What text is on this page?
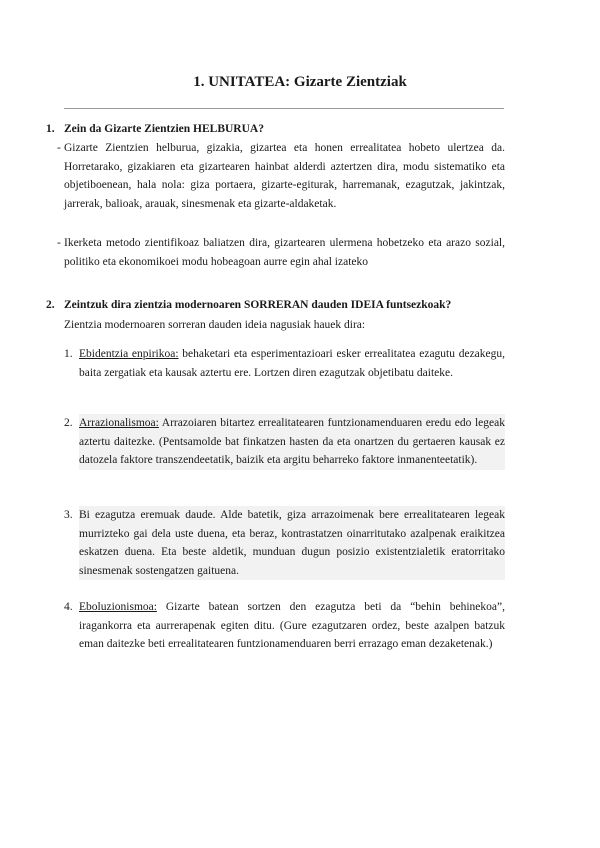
1. UNITATEA: Gizarte Zientziak
1. Zein da Gizarte Zientzien HELBURUA?
- Gizarte Zientzien helburua, gizakia, gizartea eta honen errealitatea hobeto ulertzea da. Horretarako, gizakiaren eta gizartearen hainbat alderdi aztertzen dira, modu sistematiko eta objetiboenean, hala nola: giza portaera, gizarte-egiturak, harremanak, ezagutzak, jakintzak, jarrerak, balioak, arauak, sinesmenak eta gizarte-aldaketak.
- Ikerketa metodo zientifikoaz baliatzen dira, gizartearen ulermena hobetzeko eta arazo sozial, politiko eta ekonomikoei modu hobeagoan aurre egin ahal izateko
2. Zeintzuk dira zientzia modernoaren SORRERAN dauden IDEIA funtsezkoak?
Zientzia modernoaren sorreran dauden ideia nagusiak hauek dira:
1. Ebidentzia enpirikoa: behaketari eta esperimentazioari esker errealitatea ezagutu dezakegu, baita zergatiak eta kausak aztertu ere. Lortzen diren ezagutzak objetibatu daiteke.
2. Arrazionalismoa: Arrazoiaren bitartez errealitatearen funtzionamenduaren eredu edo legeak aztertu daitezke. (Pentsamolde bat finkatzen hasten da eta onartzen du gertaeren kausak ez datozela faktore transzendeetatik, baizik eta argitu beharreko faktore inmanenteetatik).
3. Bi ezagutza eremuak daude. Alde batetik, giza arrazoimenak bere errealitatearen legeak murrizteko gai dela uste duena, eta beraz, kontrastatzen oinarritutako azalpenak eraikitzea eskatzen duena. Eta beste aldetik, munduan dugun posizio existentzialetik eratorritako sinesmenak sostengatzen gaituena.
4. Eboluzionismoa: Gizarte batean sortzen den ezagutza beti da “behin behinekoa”, iragankorra eta aurrerapenak egiten ditu. (Gure ezagutzaren ordez, beste azalpen batzuk eman daitezke beti errealitatearen funtzionamenduaren berri errazago eman dezaketenak.)
